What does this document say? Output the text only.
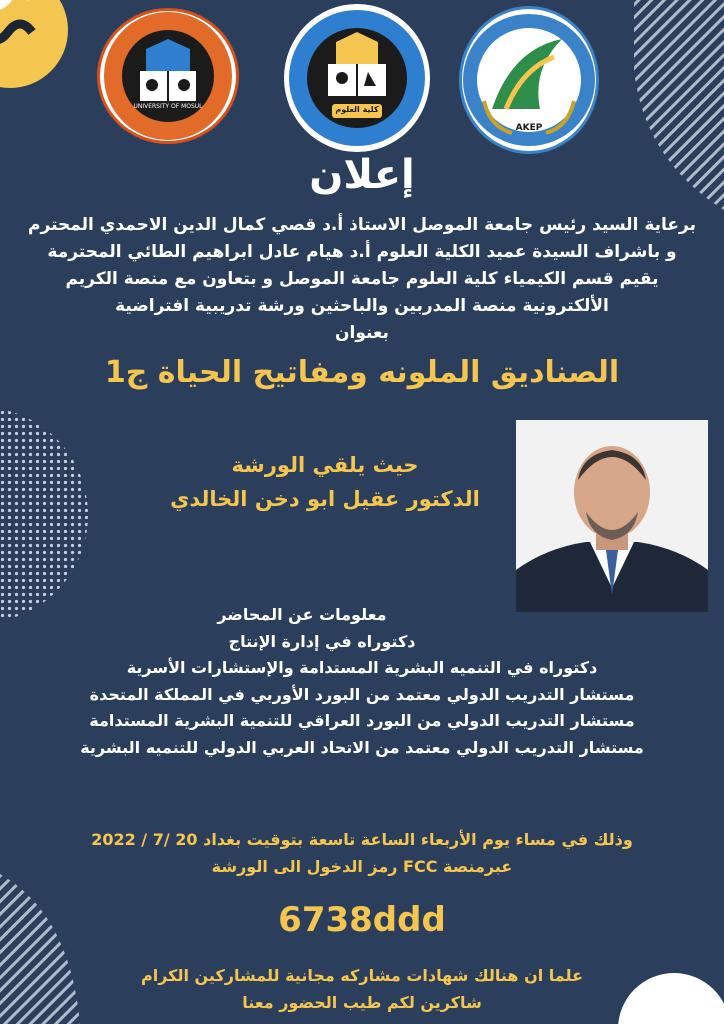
UNIVERSITY OF MOSUL	كلية العلوم
AKEP
إعلان
برعاية السيد رئيس جامعة الموصل الاستاذ أ.د قصي كمال الدين الاحمدي المحترم
و باشراف السيدة عميد الكلية العلوم أ.د هيام عادل ابراهيم الطائي المحترمة
يقيم قسم الكيمياء كلية العلوم جامعة الموصل و بتعاون مع منصة الكريم
الألكترونية منصة المدربين والباحثين ورشة تدريبية افتراضية
بعنوان
الصناديق الملونه ومفاتيح الحياة ج1
حيث يلقي الورشة
الدكتور عقيل ابو دخن الخالدي
معلومات عن المحاضر
دكتوراه في إدارة الإنتاج
دكتوراه في التنميه البشرية المستدامة والإستشارات الأسرية
مستشار التدريب الدولي معتمد من البورد الأوربي في المملكة المتحدة
مستشار التدريب الدولي من البورد العراقي للتنمية البشرية المستدامة
مستشار التدريب الدولي معتمد من الاتحاد العربي الدولي للتنميه البشرية
وذلك في مساء يوم الأربعاء الساعة تاسعة بتوقيت بغداد 20 /7 / 2022
عبرمنصة FCC رمز الدخول الى الورشة
6738ddd
علما ان هنالك شهادات مشاركه مجانية للمشاركين الكرام
شاكرين لكم طيب الحضور معنا
